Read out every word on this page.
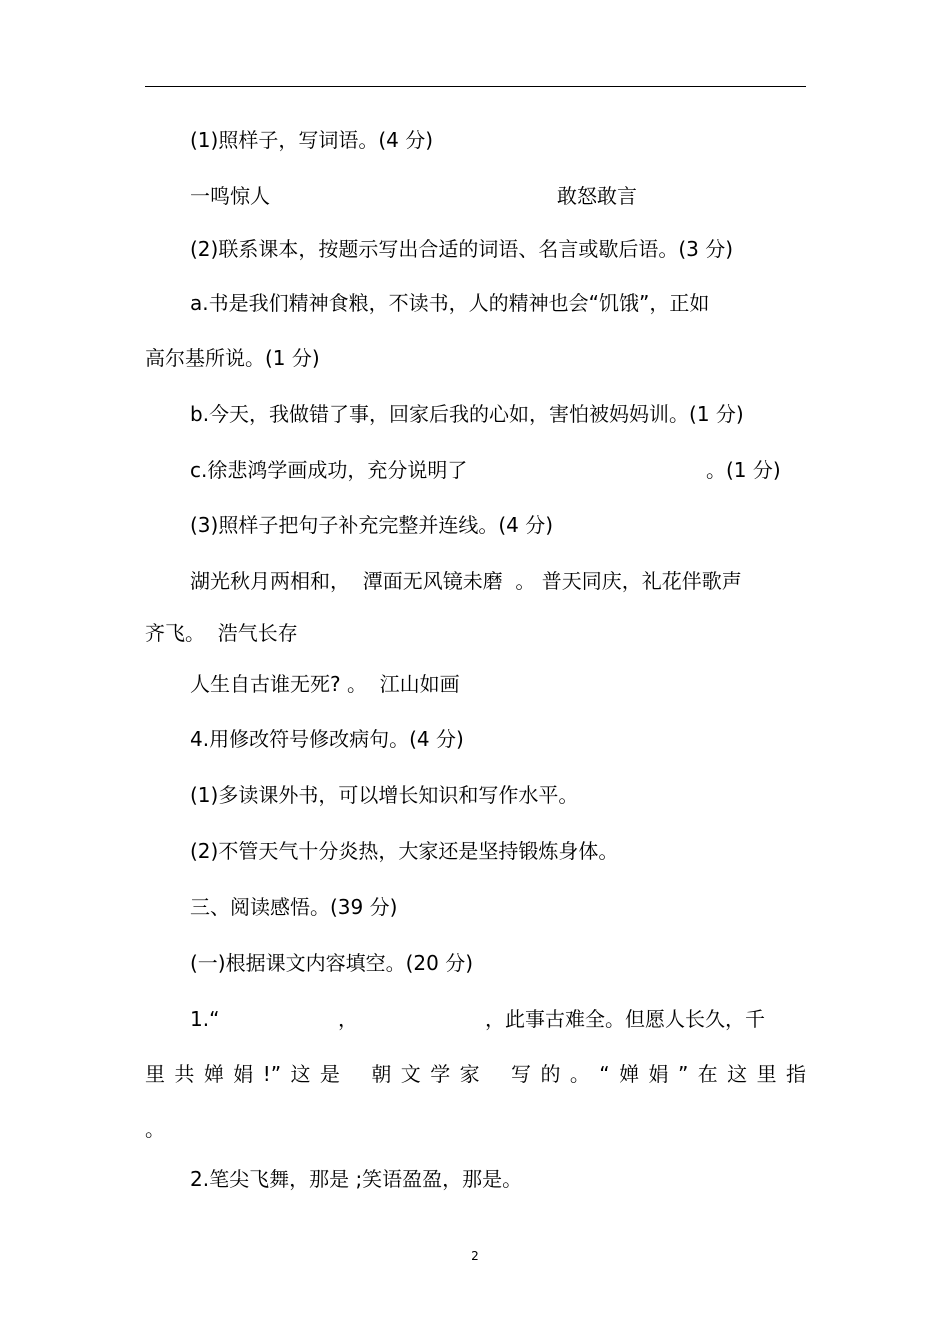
(1)照样子，写词语。(4 分)
一鸣惊人	敢怒敢言
(2)联系课本，按题示写出合适的词语、名言或歇后语。(3 分)
a.书是我们精神食粮，不读书，人的精神也会“饥饿”，正如
高尔基所说。(1 分)
b.今天，我做错了事，回家后我的心如，害怕被妈妈训。(1 分)
c.徐悲鸿学画成功，充分说明了	。(1 分)
(3)照样子把句子补充完整并连线。(4 分)
湖光秋月两相和，  潭面无风镜未磨  。 普天同庆，礼花伴歌声
齐飞。  浩气长存
人生自古谁无死? 。  江山如画
4.用修改符号修改病句。(4 分)
(1)多读课外书，可以增长知识和写作水平。
(2)不管天气十分炎热，大家还是坚持锻炼身体。
三、阅读感悟。(39 分)
(一)根据课文内容填空。(20 分)
1.“	，	，此事古难全。但愿人长久，千
里 共 婵 娟 !” 这 是 朝 文 学 家 写 的 。 “ 婵 娟 ” 在 这 里 指
。
2.笔尖飞舞，那是 ;笑语盈盈，那是。
2
